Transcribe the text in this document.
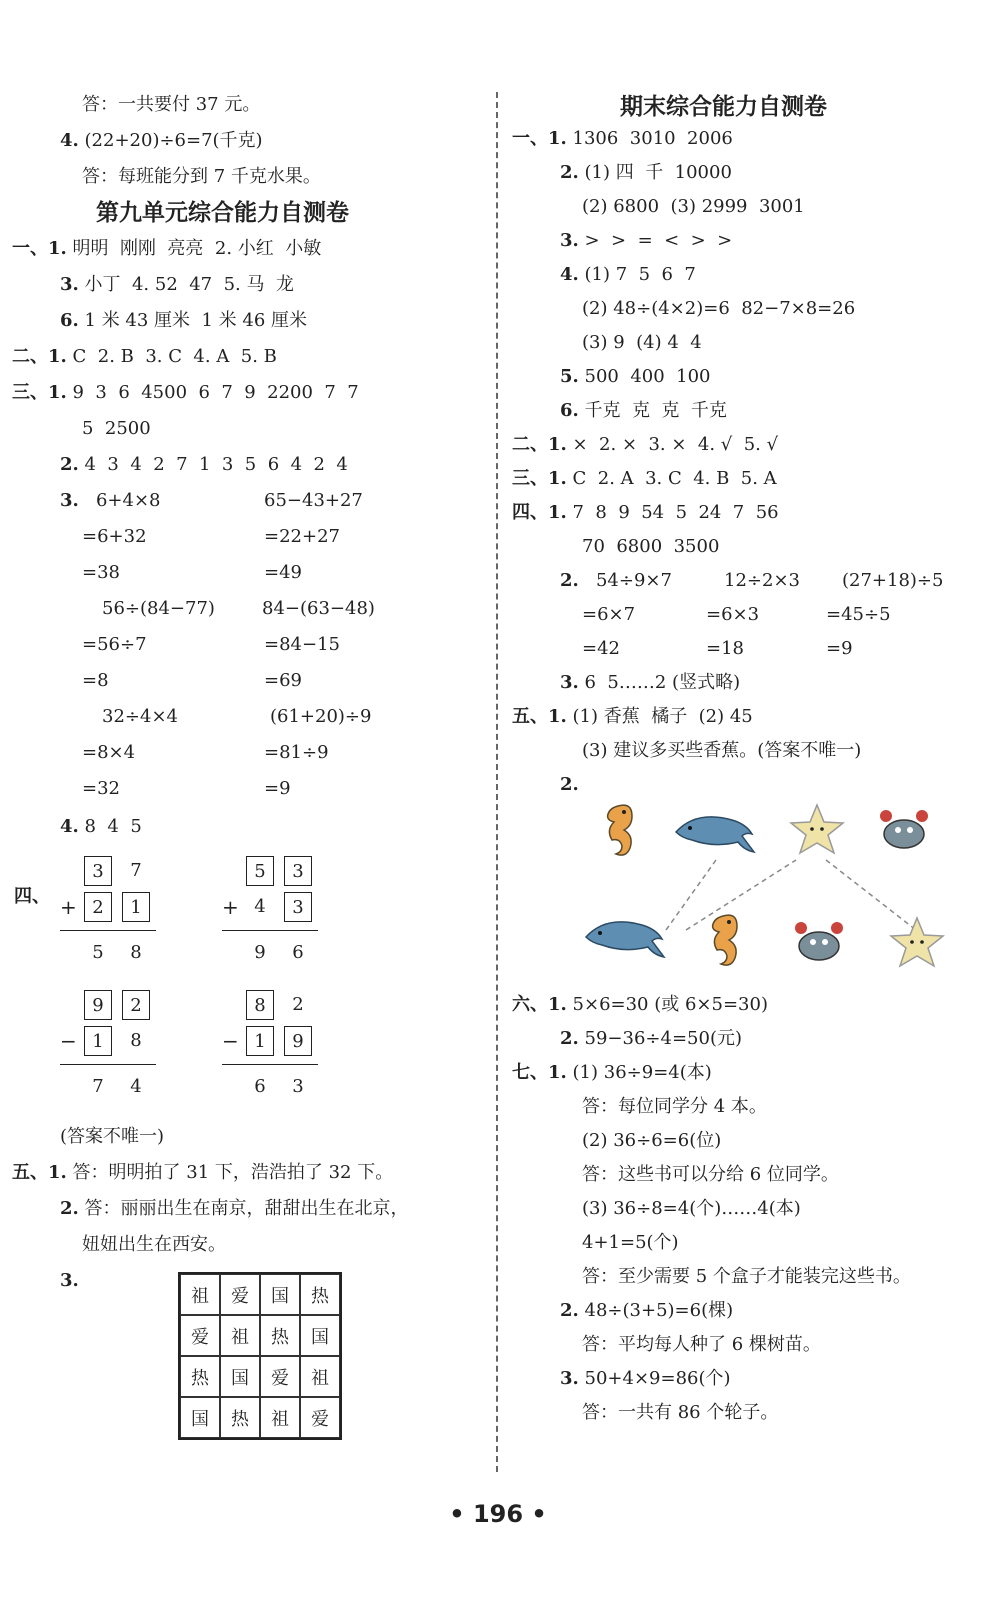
答：一共要付 37 元。
4. (22+20)÷6=7(千克)
答：每班能分到 7 千克水果。
一、1. 明明  刚刚  亮亮  2. 小红  小敏
3. 小丁  4. 52  47  5. 马  龙
6. 1 米 43 厘米  1 米 46 厘米
二、1. C  2. B  3. C  4. A  5. B
三、1. 9  3  6  4500  6  7  9  2200  7  7
5  2500
2. 4  3  4  2  7  1  3  5  6  4  2  4
3.   6+4×8	65−43+27
=6+32	=22+27
=38	=49
56÷(84−77)	84−(63−48)
=56÷7	=84−15
=8	=69
32÷4×4	(61+20)÷9
=8×4	=81÷9
=32	=9
4. 8  4  5
四、
(答案不唯一)
五、1. 答：明明拍了 31 下，浩浩拍了 32 下。
2. 答：丽丽出生在南京，甜甜出生在北京，
妞妞出生在西安。
3.
一、1. 1306  3010  2006
2. (1) 四  千  10000
(2) 6800  (3) 2999  3001
3. >  >  =  <  >  >
4. (1) 7  5  6  7
(2) 48÷(4×2)=6  82−7×8=26
(3) 9  (4) 4  4
5. 500  400  100
6. 千克  克  克  千克
二、1. ×  2. ×  3. ×  4. √  5. √
三、1. C  2. A  3. C  4. B  5. A
四、1. 7  8  9  54  5  24  7  56
70  6800  3500
2.   54÷9×7	12÷2×3 (27+18)÷5
=6×7	=6×3	=45÷5
=42	=18	=9
3. 6  5……2 (竖式略)
五、1. (1) 香蕉  橘子  (2) 45
(3) 建议多买些香蕉。(答案不唯一)
2.
六、1. 5×6=30 (或 6×5=30)
2. 59−36÷4=50(元)
七、1. (1) 36÷9=4(本)
答：每位同学分 4 本。
(2) 36÷6=6(位)
答：这些书可以分给 6 位同学。
(3) 36÷8=4(个)……4(本)
4+1=5(个)
答：至少需要 5 个盒子才能装完这些书。
2. 48÷(3+5)=6(棵)
答：平均每人种了 6 棵树苗。
3. 50+4×9=86(个)
答：一共有 86 个轮子。
第九单元综合能力自测卷
期末综合能力自测卷
3	7
2	1
5	8
+
5	3
4	3
9	6
+
9	2
1	8
7	4
−
8	2
1	9
6	3
−
祖	爱	国	热
爱	祖	热	国
热	国	爱	祖
国	热	祖	爱
• 196 •
